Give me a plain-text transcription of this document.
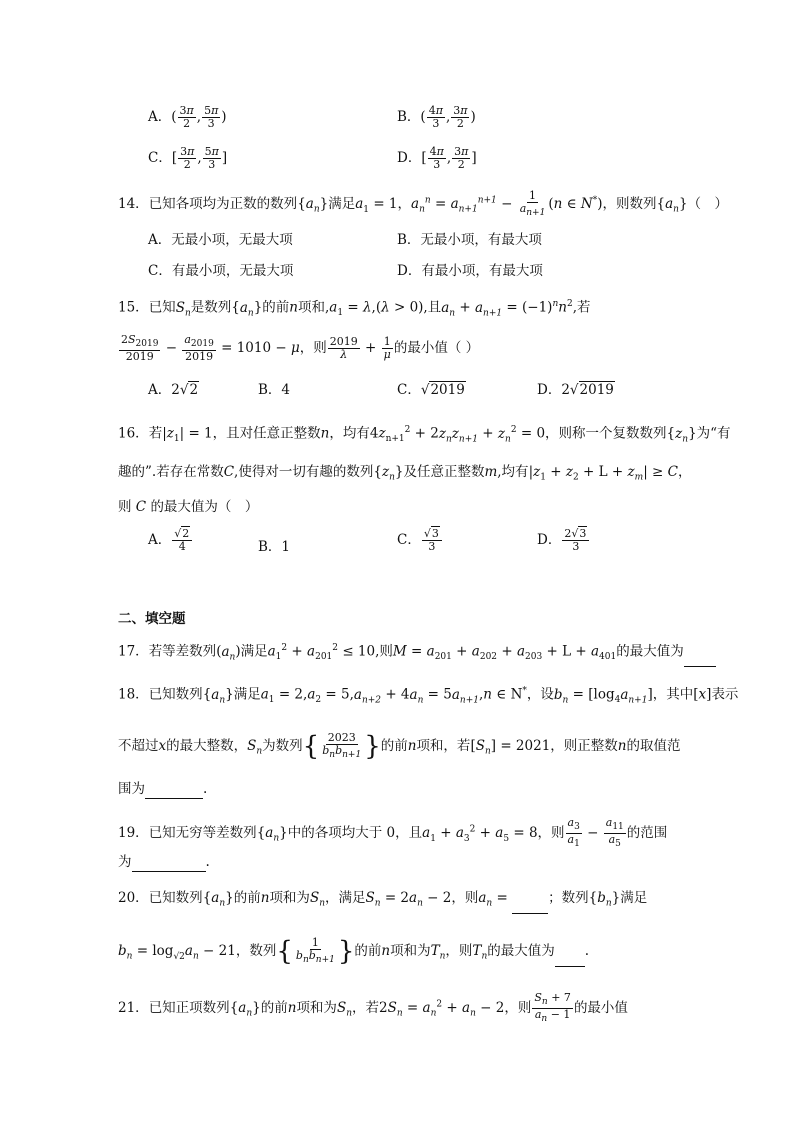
A．( $\frac{3\pi}{2}$ , $\frac{5\pi}{3}$ )	B．( $\frac{4\pi}{3}$ , $\frac{3\pi}{2}$ )
C．[ $\frac{3\pi}{2}$ , $\frac{5\pi}{3}$ ]	D．[ $\frac{4\pi}{3}$ , $\frac{3\pi}{2}$ ]
14．已知各项均为正数的数列$\{a_n\}$满足$a_1 = 1$，$a_n^n = a_{n+1}^{n+1} - \frac{1}{a_{n+1}} (n$ ∈ N*)，则数列$\{a_n\}$（　）
A．无最小项，无最大项	B．无最小项，有最大项
C．有最小项，无最大项	D．有最小项，有最大项
15．已知$S_n$是数列$\{a_n\}$的前n项和$,a_1 = \lambda,(\lambda > 0)$,且$a_n + a_{n+1} = (-1)^nn^2$,若
$\frac{2S_{2019}}{2019} - \frac{a_{2019}}{2019} = 1010 - \mu$，则 $\frac{2019}{\lambda} + \frac{1}{\mu}$ 的最小值（ ）
A．2√2	B．4	C．√2019	D．2√2019
16．若$|z_1| = 1$，且对任意正整数n，均有$4z_{n+1}^2 + 2z_nz_{n+1} + z_n^2 = 0$，则称一个复数数列$\{z_n\}$为“有
趣的”.若存在常数C,使得对一切有趣的数列$\{z_n\}$及任意正整数m,均有$|z_1 + z_2 + L + z_m| \ge C$，
则 C 的最大值为（　）
A． $\frac{√2}{4}$	B．1	C． $\frac{√3}{3}$	D． $\frac{2√3}{3}$
二、填空题
17．若等差数列$(a_n)$满足$a_1^2 + a_{201}^2 \le 10$,则$M = a_{201} + a_{202} + a_{203} + L + a_{401}$的最大值为
18．已知数列$\{a_n\}$满足$a_1 = 2,a_2 = 5,a_{n+2} + 4a_n = 5a_{n+1},n$ ∈ N*，设$b_n = [\log_4a_{n+1}]$，其中[x]表示
不超过x的最大整数，$S_n$为数列{ $\frac{2023}{b_nb_{n+1}}$ }的前n项和，若$[S_n] = 2021$，则正整数n的取值范
围为	.
19．已知无穷等差数列$\{a_n\}$中的各项均大于 0，且$a_1 + a_3^2 + a_5 = 8$，则 $\frac{a_3}{a_1} - \frac{a_{11}}{a_5}$ 的范围
为	.
20．已知数列$\{a_n\}$的前n项和为$S_n$，满足$S_n = 2a_n - 2$，则$a_n$ =	；数列$\{b_n\}$满足
$b_n = \log_{√2}a_n - 21$，数列{ $\frac{1}{b_nb_{n+1}}$ }的前n项和为$T_n$，则$T_n$的最大值为 .
21．已知正项数列$\{a_n\}$的前n项和为$S_n$，若$2S_n = a_n^2 + a_n - 2$，则 $\frac{S_n + 7}{a_n - 1}$ 的最小值
